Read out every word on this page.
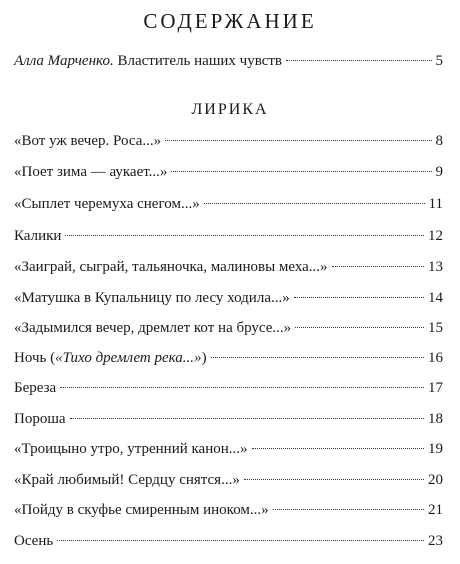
СОДЕРЖАНИЕ
Алла Марченко. Властитель наших чувств	5
ЛИРИКА
«Вот уж вечер. Роса...»	8
«Поет зима — аукает...»	9
«Сыплет черемуха снегом...»	11
Калики	12
«Заиграй, сыграй, тальяночка, малиновы меха...»	13
«Матушка в Купальницу по лесу ходила...»	14
«Задымился вечер, дремлет кот на брусе...»	15
Ночь («Тихо дремлет река...»)	16
Береза	17
Пороша	18
«Троицыно утро, утренний канон...»	19
«Край любимый! Сердцу снятся...»	20
«Пойду в скуфье смиренным иноком...»	21
Осень	23
